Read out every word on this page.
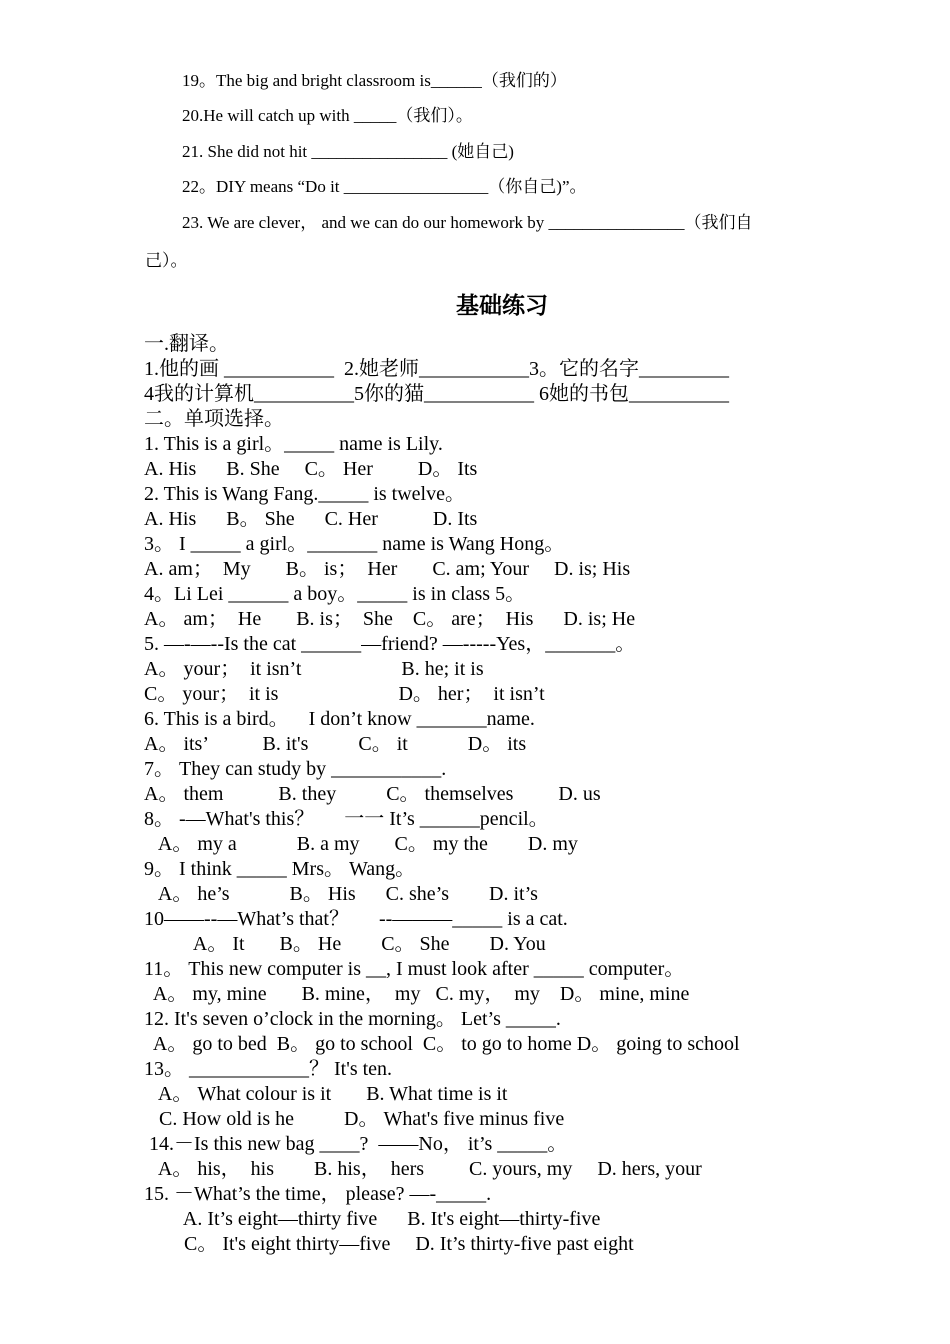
19。The big and bright classroom is______（我们的）
20.He will catch up with _____（我们）。
21. She did not hit ________________ (她自己)
22。DIY means “Do it _________________（你自己)”。
23. We are clever， and we can do our homework by ________________（我们自
己）。
基础练习
一.翻译。
1.他的画 ___________  2.她老师___________3。它的名字_________
4我的计算机__________5你的猫___________ 6她的书包__________
二。单项选择。
1. This is a girl。_____ name is Lily.
A. His      B. She     C。 Her         D。 Its
2. This is Wang Fang._____ is twelve。
A. His      B。 She      C. Her           D. Its
3。 I _____ a girl。_______ name is Wang Hong。
A. am；  My       B。 is；  Her       C. am; Your     D. is; His
4。Li Lei ______ a boy。_____ is in class 5。
A。 am；  He       B. is；  She    C。 are；  His      D. is; He
5. —-—--Is the cat ______—friend? —-----Yes，_______。
A。 your；  it isn’t                    B. he; it is
C。 your；  it is                        D。 her；  it isn’t
6. This is a bird。    I don’t know _______name.
A。 its’           B. it's          C。 it            D。 its
7。 They can study by ___________.
A。 them           B. they          C。 themselves         D. us
8。 -—What's this？      一一 It’s ______pencil。
A。 my a            B. a my       C。 my the        D. my
9。 I think _____ Mrs。 Wang。
A。 he’s            B。 His      C. she’s        D. it’s
10——--—What’s that？      --———_____ is a cat.
A。 It       B。 He        C。 She        D. You
11。 This new computer is __, I must look after _____ computer。
A。 my, mine       B. mine，  my   C. my，  my    D。 mine, mine
12. It's seven o’clock in the morning。 Let’s _____.
A。 go to bed  B。 go to school  C。 to go to home D。 going to school
13。 ____________？ It's ten.
A。 What colour is it       B. What time is it
C. How old is he          D。 What's five minus five
14.－Is this new bag ____?  ——No， it’s _____。
A。 his，  his        B. his，  hers         C. yours, my     D. hers, your
15. －What’s the time， please? —-_____.
A. It’s eight—thirty five      B. It's eight—thirty-five
C。 It's eight thirty—five     D. It’s thirty-five past eight
